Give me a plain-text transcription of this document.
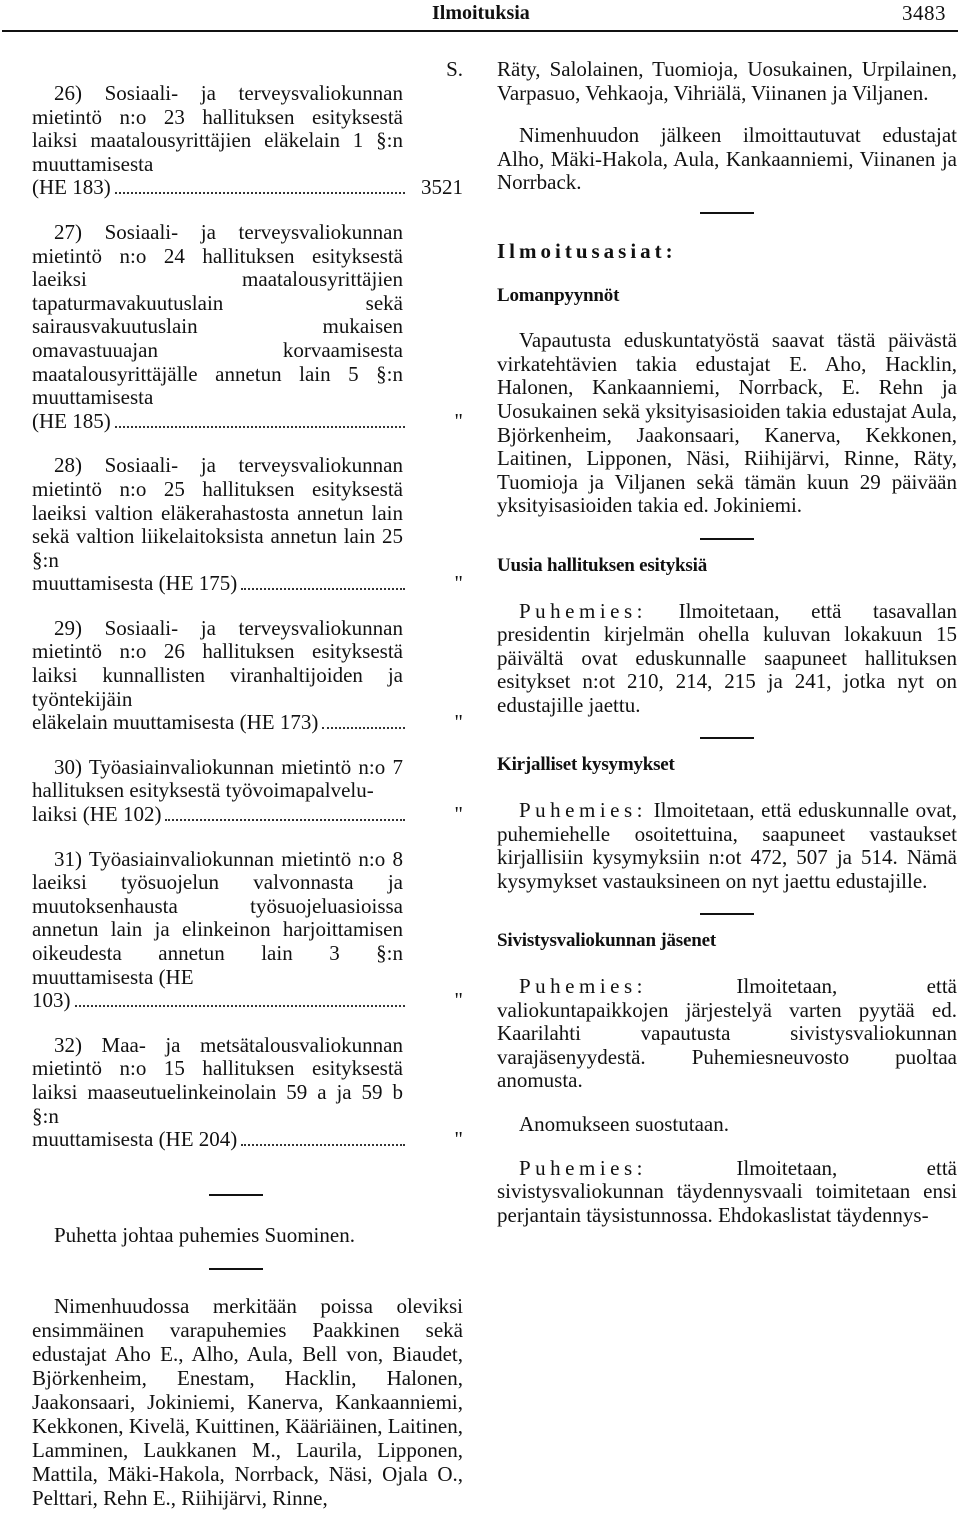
Ilmoituksia	3483
S.
26) Sosiaali- ja terveysvaliokunnan mietintö n:o 23 hallituksen esityksestä laiksi maatalousyrittäjien eläkelain 1 §:n muuttamisesta
(HE 183)	3521
27) Sosiaali- ja terveysvaliokunnan mietintö n:o 24 hallituksen esityksestä laeiksi maatalousyrittäjien tapaturmavakuutuslain sekä sairausvakuutuslain mukaisen omavastuuajan korvaamisesta maatalousyrittäjälle annetun lain 5 §:n muuttamisesta
(HE 185)	"
28) Sosiaali- ja terveysvaliokunnan mietintö n:o 25 hallituksen esityksestä laeiksi valtion eläkerahastosta annetun lain sekä valtion liikelaitoksista annetun lain 25 §:n
muuttamisesta (HE 175)	"
29) Sosiaali- ja terveysvaliokunnan mietintö n:o 26 hallituksen esityksestä laiksi kunnallisten viranhaltijoiden ja työntekijäin
eläkelain muuttamisesta (HE 173)	"
30) Työasiainvaliokunnan mietintö n:o 7 hallituksen esityksestä työvoimapalvelu-
laiksi (HE 102)	"
31) Työasiainvaliokunnan mietintö n:o 8 laeiksi työsuojelun valvonnasta ja muutoksenhausta työsuojeluasioissa annetun lain ja elinkeinon harjoittamisen oikeudesta annetun lain 3 §:n muuttamisesta (HE
103)	"
32) Maa- ja metsätalousvaliokunnan mietintö n:o 15 hallituksen esityksestä laiksi maaseutuelinkeinolain 59 a ja 59 b §:n
muuttamisesta (HE 204)	"

Puhetta johtaa puhemies Suominen.

Nimenhuudossa merkitään poissa oleviksi ensimmäinen varapuhemies Paakkinen sekä edustajat Aho E., Alho, Aula, Bell von, Biaudet, Björkenheim, Enestam, Hacklin, Halonen, Jaakonsaari, Jokiniemi, Kanerva, Kankaanniemi, Kekkonen, Kivelä, Kuittinen, Kääriäinen, Laitinen, Lamminen, Laukkanen M., Laurila, Lipponen, Mattila, Mäki-Hakola, Norrback, Näsi, Ojala O., Pelttari, Rehn E., Riihijärvi, Rinne,

Räty, Salolainen, Tuomioja, Uosukainen, Urpilainen, Varpasuo, Vehkaoja, Vihriälä, Viinanen ja Viljanen.

Nimenhuudon jälkeen ilmoittautuvat edustajat Alho, Mäki-Hakola, Aula, Kankaanniemi, Viinanen ja Norrback.

Ilmoitusasiat:
Lomanpyynnöt

Vapautusta eduskuntatyöstä saavat tästä päivästä virkatehtävien takia edustajat E. Aho, Hacklin, Halonen, Kankaanniemi, Norrback, E. Rehn ja Uosukainen sekä yksityisasioiden takia edustajat Aula, Björkenheim, Jaakonsaari, Kanerva, Kekkonen, Laitinen, Lipponen, Näsi, Riihijärvi, Rinne, Räty, Tuomioja ja Viljanen sekä tämän kuun 29 päivään yksityisasioiden takia ed. Jokiniemi.

Uusia hallituksen esityksiä

Puhemies: Ilmoitetaan, että tasavallan presidentin kirjelmän ohella kuluvan lokakuun 15 päivältä ovat eduskunnalle saapuneet hallituksen esitykset n:ot 210, 214, 215 ja 241, jotka nyt on edustajille jaettu.

Kirjalliset kysymykset

Puhemies: Ilmoitetaan, että eduskunnalle ovat, puhemiehelle osoitettuina, saapuneet vastaukset kirjallisiin kysymyksiin n:ot 472, 507 ja 514. Nämä kysymykset vastauksineen on nyt jaettu edustajille.

Sivistysvaliokunnan jäsenet

Puhemies:	Ilmoitetaan, että valiokuntapaikkojen järjestelyä varten pyytää ed. Kaarilahti vapautusta sivistysvaliokunnan varajäsenyydestä. Puhemiesneuvosto puoltaa anomusta.

Anomukseen suostutaan.

Puhemies:	Ilmoitetaan, että sivistysvaliokunnan täydennysvaali toimitetaan ensi perjantain täysistunnossa. Ehdokaslistat täydennys-
